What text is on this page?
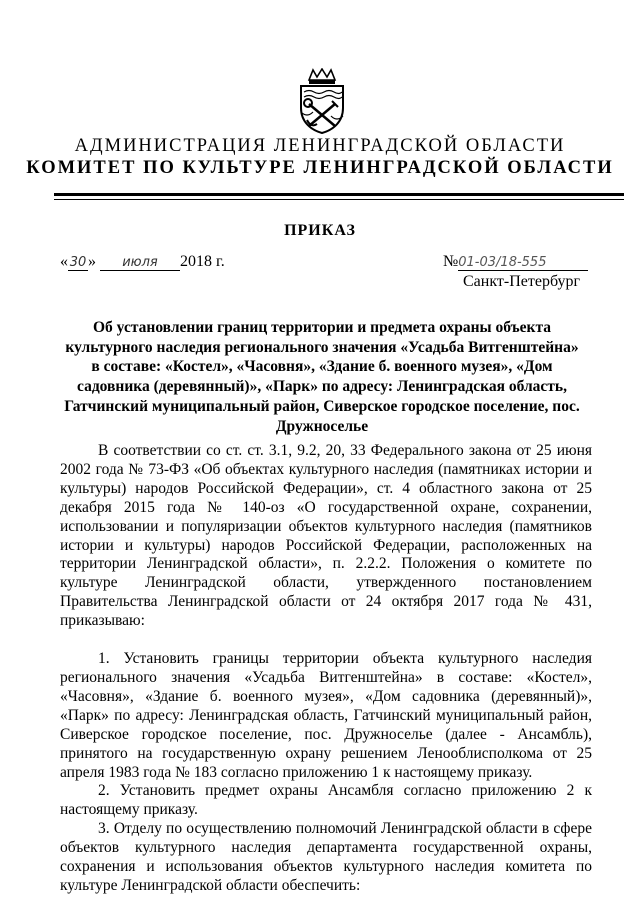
АДМИНИСТРАЦИЯ ЛЕНИНГРАДСКОЙ ОБЛАСТИ
КОМИТЕТ ПО КУЛЬТУРЕ ЛЕНИНГРАДСКОЙ ОБЛАСТИ
ПРИКАЗ
« 30 » июля 2018 г.	№01-03/18-555
Санкт-Петербург
Об установлении границ территории и предмета охраны объекта культурного наследия регионального значения «Усадьба Витгенштейна» в составе: «Костел», «Часовня», «Здание б. военного музея», «Дом садовника (деревянный)», «Парк» по адресу: Ленинградская область, Гатчинский муниципальный район, Сиверское городское поселение, пос. Дружноселье

В соответствии со ст. ст. 3.1, 9.2, 20, 33 Федерального закона от 25 июня 2002 года № 73-ФЗ «Об объектах культурного наследия (памятниках истории и культуры) народов Российской Федерации», ст. 4 областного закона от 25 декабря 2015 года № 140-оз «О государственной охране, сохранении, использовании и популяризации объектов культурного наследия (памятников истории и культуры) народов Российской Федерации, расположенных на территории Ленинградской области», п. 2.2.2. Положения о комитете по культуре Ленинградской области, утвержденного постановлением Правительства Ленинградской области от 24 октября 2017 года № 431, приказываю:

1. Установить границы территории объекта культурного наследия регионального значения «Усадьба Витгенштейна» в составе: «Костел», «Часовня», «Здание б. военного музея», «Дом садовника (деревянный)», «Парк» по адресу: Ленинградская область, Гатчинский муниципальный район, Сиверское городское поселение, пос. Дружноселье (далее - Ансамбль), принятого на государственную охрану решением Ленооблисполкома от 25 апреля 1983 года № 183 согласно приложению 1 к настоящему приказу.

2. Установить предмет охраны Ансамбля согласно приложению 2 к настоящему приказу.

3. Отделу по осуществлению полномочий Ленинградской области в сфере объектов культурного наследия департамента государственной охраны, сохранения и использования объектов культурного наследия комитета по культуре Ленинградской области обеспечить:
